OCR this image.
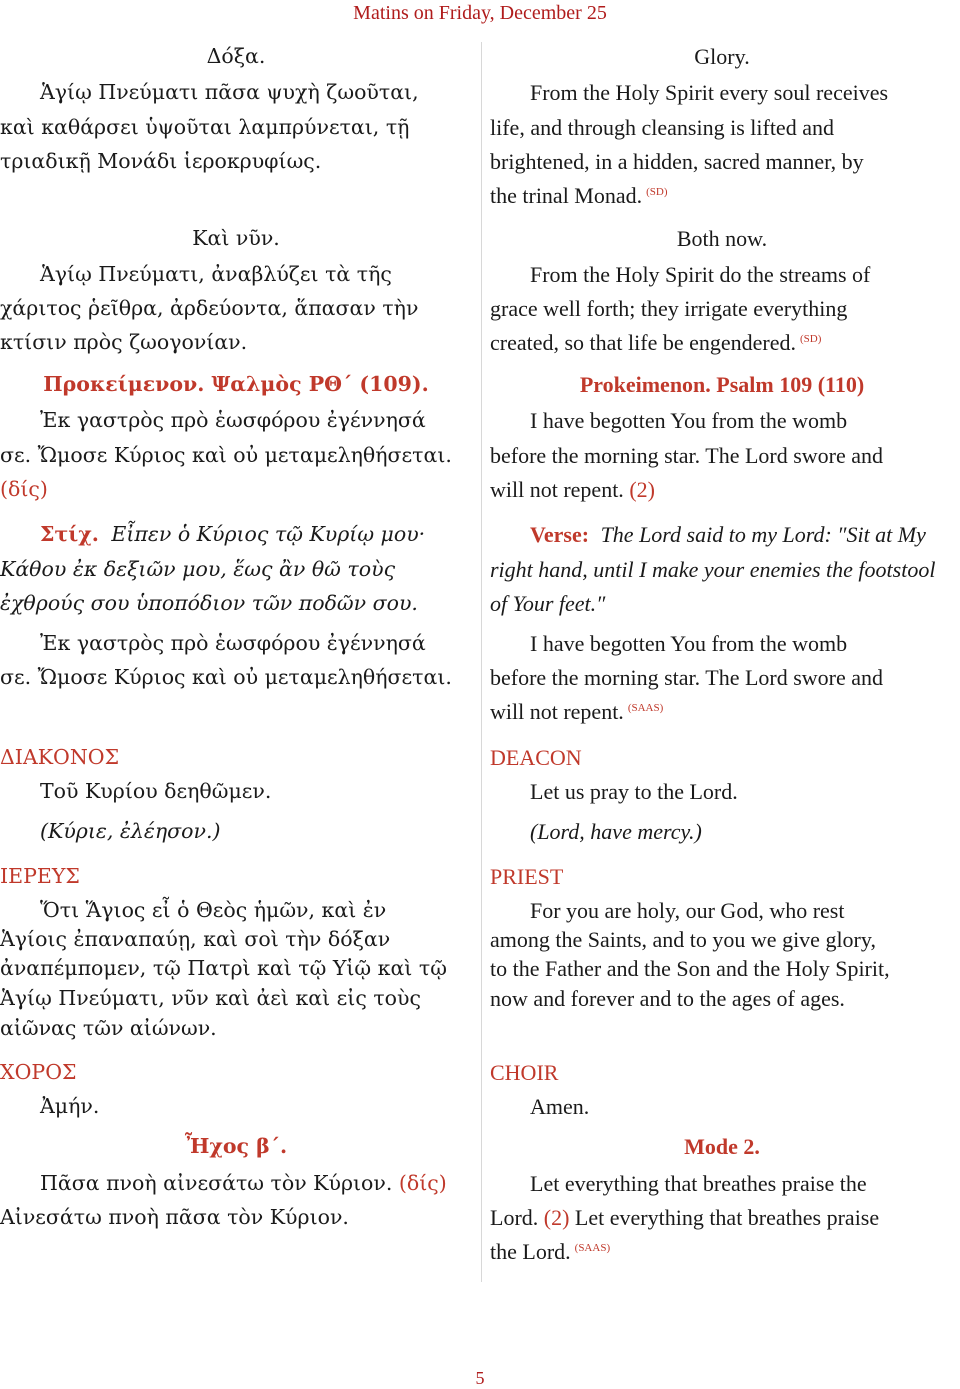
Matins on Friday, December 25
Δόξα.
Ἁγίῳ Πνεύματι πᾶσα ψυχὴ ζωοῦται,
καὶ καθάρσει ὑψοῦται λαμπρύνεται, τῇ
τριαδικῇ Μονάδι ἱεροκρυφίως.
Καὶ νῦν.
Ἁγίῳ Πνεύματι, ἀναβλύζει τὰ τῆς
χάριτος ῥεῖθρα, ἀρδεύοντα, ἅπασαν τὴν
κτίσιν πρὸς ζωογονίαν.
Προκείμενον. Ψαλμὸς ΡΘ΄ (109).
Ἐκ γαστρὸς πρὸ ἑωσφόρου ἐγέννησά
σε. Ὤμοσε Κύριος καὶ οὐ μεταμεληθήσεται.
(δίς)
Στίχ. Εἶπεν ὁ Κύριος τῷ Κυρίῳ μου·
Κάθου ἐκ δεξιῶν μου, ἕως ἂν θῶ τοὺς
ἐχθρούς σου ὑποπόδιον τῶν ποδῶν σου.
Ἐκ γαστρὸς πρὸ ἑωσφόρου ἐγέννησά
σε. Ὤμοσε Κύριος καὶ οὐ μεταμεληθήσεται.
ΔΙΑΚΟΝΟΣ
Τοῦ Κυρίου δεηθῶμεν.
(Κύριε, ἐλέησον.)
ΙΕΡΕΥΣ
Ὅτι Ἅγιος εἶ ὁ Θεὸς ἡμῶν, καὶ ἐν
Ἁγίοις ἐπαναπαύῃ, καὶ σοὶ τὴν δόξαν
ἀναπέμπομεν, τῷ Πατρὶ καὶ τῷ Υἱῷ καὶ τῷ
Ἁγίῳ Πνεύματι, νῦν καὶ ἀεὶ καὶ εἰς τοὺς
αἰῶνας τῶν αἰώνων.
ΧΟΡΟΣ
Ἀμήν.
Ἦχος β΄.
Πᾶσα πνοὴ αἰνεσάτω τὸν Κύριον. (δίς)
Αἰνεσάτω πνοὴ πᾶσα τὸν Κύριον.
Glory.
From the Holy Spirit every soul receives
life, and through cleansing is lifted and
brightened, in a hidden, sacred manner, by
the trinal Monad. $^{(SD)}$
Both now.
From the Holy Spirit do the streams of
grace well forth; they irrigate everything
created, so that life be engendered. $^{(SD)}$
Prokeimenon. Psalm 109 (110)
I have begotten You from the womb
before the morning star. The Lord swore and
will not repent. (2)
Verse: The Lord said to my Lord: ″Sit at My
right hand, until I make your enemies the footstool
of Your feet.″
I have begotten You from the womb
before the morning star. The Lord swore and
will not repent. $^{(SAAS)}$
DEACON
Let us pray to the Lord.
(Lord, have mercy.)
PRIEST
For you are holy, our God, who rest
among the Saints, and to you we give glory,
to the Father and the Son and the Holy Spirit,
now and forever and to the ages of ages.
CHOIR
Amen.
Mode 2.
Let everything that breathes praise the
Lord. (2) Let everything that breathes praise
the Lord. $^{(SAAS)}$
5
